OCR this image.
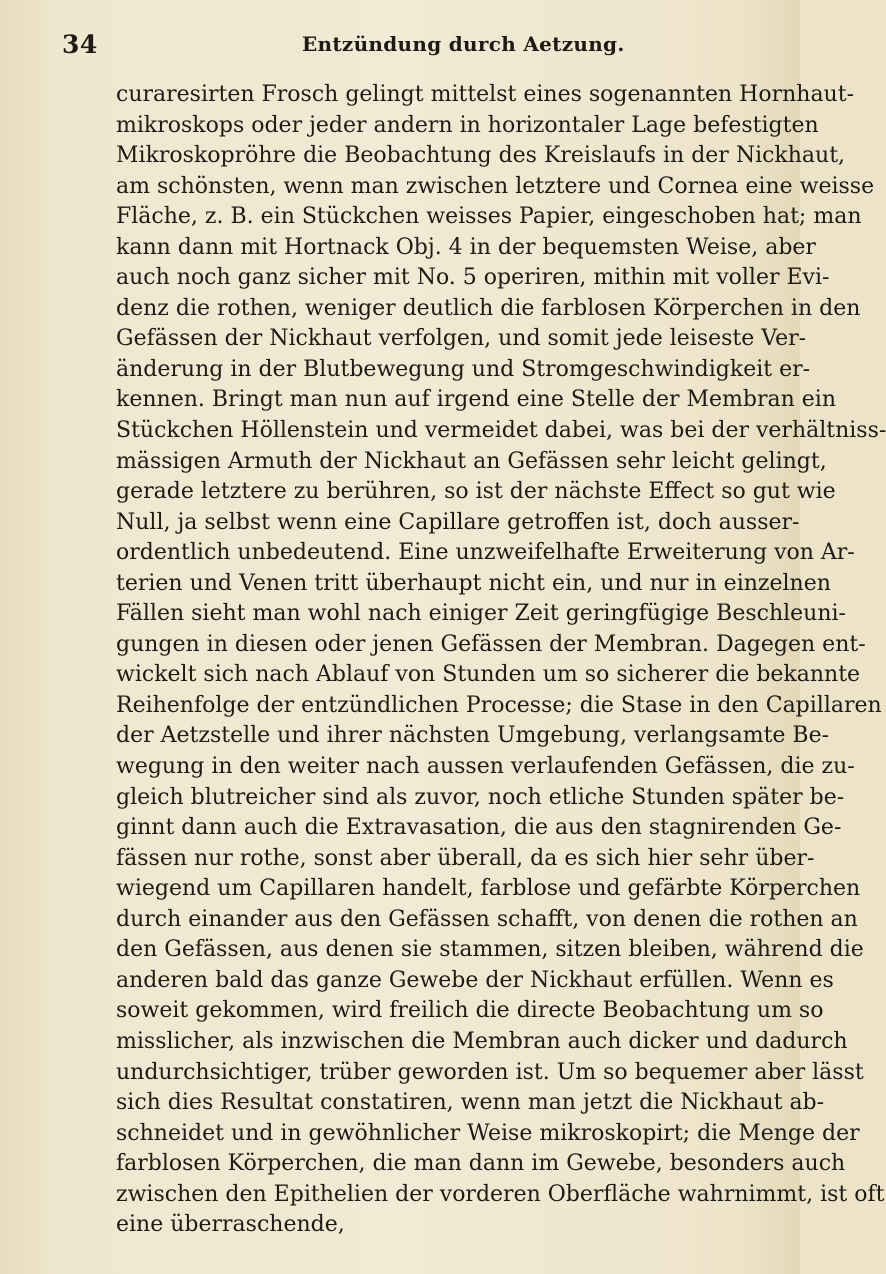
34	Entzündung durch Aetzung.
curaresirten Frosch gelingt mittelst eines sogenannten Hornhaut-
mikroskops oder jeder andern in horizontaler Lage befestigten
Mikroskopröhre die Beobachtung des Kreislaufs in der Nickhaut,
am schönsten, wenn man zwischen letztere und Cornea eine weisse
Fläche, z. B. ein Stückchen weisses Papier, eingeschoben hat; man
kann dann mit Hortnack Obj. 4 in der bequemsten Weise, aber
auch noch ganz sicher mit No. 5 operiren, mithin mit voller Evi-
denz die rothen, weniger deutlich die farblosen Körperchen in den
Gefässen der Nickhaut verfolgen, und somit jede leiseste Ver-
änderung in der Blutbewegung und Stromgeschwindigkeit er-
kennen. Bringt man nun auf irgend eine Stelle der Membran ein
Stückchen Höllenstein und vermeidet dabei, was bei der verhältniss-
mässigen Armuth der Nickhaut an Gefässen sehr leicht gelingt,
gerade letztere zu berühren, so ist der nächste Effect so gut wie
Null, ja selbst wenn eine Capillare getroffen ist, doch ausser-
ordentlich unbedeutend. Eine unzweifelhafte Erweiterung von Ar-
terien und Venen tritt überhaupt nicht ein, und nur in einzelnen
Fällen sieht man wohl nach einiger Zeit geringfügige Beschleuni-
gungen in diesen oder jenen Gefässen der Membran. Dagegen ent-
wickelt sich nach Ablauf von Stunden um so sicherer die bekannte
Reihenfolge der entzündlichen Processe; die Stase in den Capillaren
der Aetzstelle und ihrer nächsten Umgebung, verlangsamte Be-
wegung in den weiter nach aussen verlaufenden Gefässen, die zu-
gleich blutreicher sind als zuvor, noch etliche Stunden später be-
ginnt dann auch die Extravasation, die aus den stagnirenden Ge-
fässen nur rothe, sonst aber überall, da es sich hier sehr über-
wiegend um Capillaren handelt, farblose und gefärbte Körperchen
durch einander aus den Gefässen schafft, von denen die rothen an
den Gefässen, aus denen sie stammen, sitzen bleiben, während die
anderen bald das ganze Gewebe der Nickhaut erfüllen. Wenn es
soweit gekommen, wird freilich die directe Beobachtung um so
misslicher, als inzwischen die Membran auch dicker und dadurch
undurchsichtiger, trüber geworden ist. Um so bequemer aber lässt
sich dies Resultat constatiren, wenn man jetzt die Nickhaut ab-
schneidet und in gewöhnlicher Weise mikroskopirt; die Menge der
farblosen Körperchen, die man dann im Gewebe, besonders auch
zwischen den Epithelien der vorderen Oberfläche wahrnimmt, ist oft
eine überraschende,
